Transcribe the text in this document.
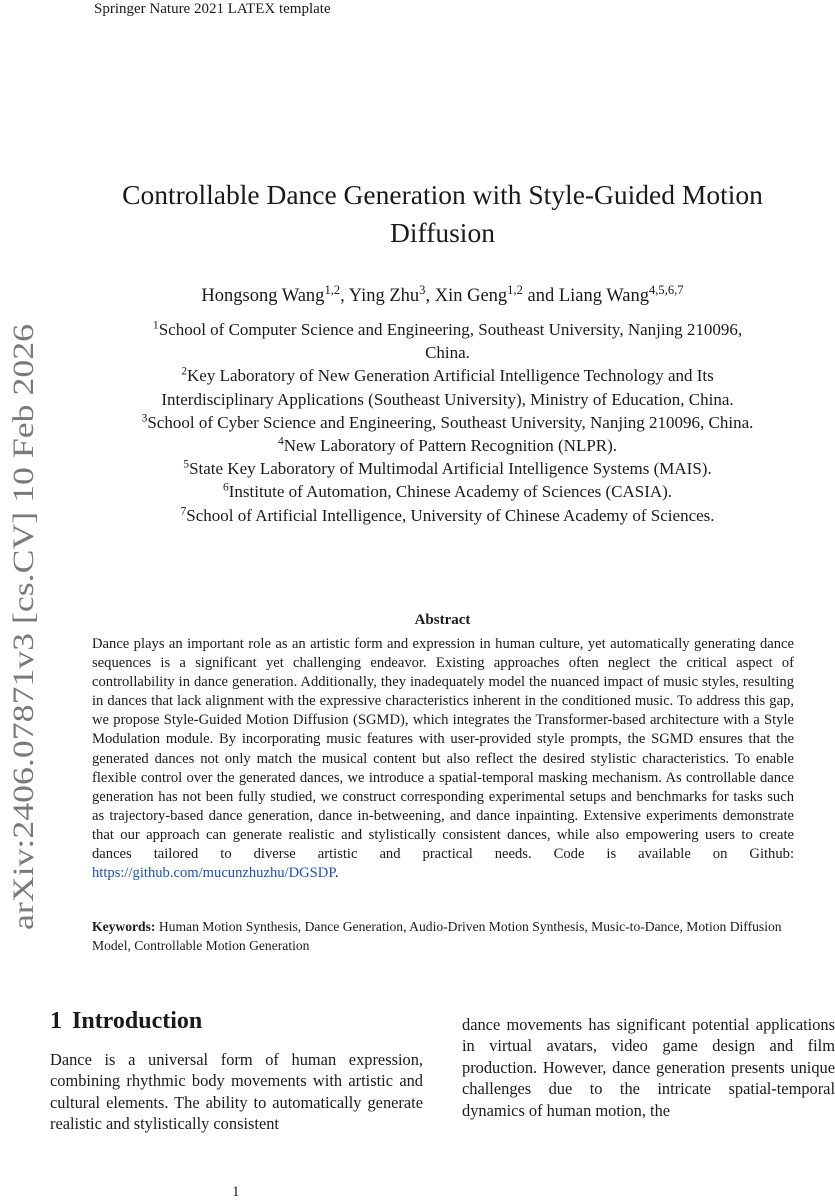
Springer Nature 2021 LATEX template
arXiv:2406.07871v3 [cs.CV] 10 Feb 2026
Controllable Dance Generation with Style-Guided Motion
Diffusion
Hongsong Wang$^{1,2}$, Ying Zhu$^3$, Xin Geng$^{1,2}$ and Liang Wang$^{4,5,6,7}$
$^1$School of Computer Science and Engineering, Southeast University, Nanjing 210096,
China.
$^2$Key Laboratory of New Generation Artificial Intelligence Technology and Its
Interdisciplinary Applications (Southeast University), Ministry of Education, China.
$^3$School of Cyber Science and Engineering, Southeast University, Nanjing 210096, China.
$^4$New Laboratory of Pattern Recognition (NLPR).
$^5$State Key Laboratory of Multimodal Artificial Intelligence Systems (MAIS).
$^6$Institute of Automation, Chinese Academy of Sciences (CASIA).
$^7$School of Artificial Intelligence, University of Chinese Academy of Sciences.
Abstract

Dance plays an important role as an artistic form and expression in human culture, yet automatically generating dance sequences is a significant yet challenging endeavor. Existing approaches often neglect the critical aspect of controllability in dance generation. Additionally, they inadequately model the nuanced impact of music styles, resulting in dances that lack alignment with the expressive characteristics inherent in the conditioned music. To address this gap, we propose Style-Guided Motion Diffusion (SGMD), which integrates the Transformer-based architecture with a Style Modulation module. By incorporating music features with user-provided style prompts, the SGMD ensures that the generated dances not only match the musical content but also reflect the desired stylistic characteristics. To enable flexible control over the generated dances, we introduce a spatial-temporal masking mechanism. As controllable dance generation has not been fully studied, we construct corresponding experimental setups and benchmarks for tasks such as trajectory-based dance generation, dance in-betweening, and dance inpainting. Extensive experiments demonstrate that our approach can generate realistic and stylistically consistent dances, while also empowering users to create dances tailored to diverse artistic and practical needs. Code is available on Github: https://github.com/mucunzhuzhu/DGSDP.

Keywords: Human Motion Synthesis, Dance Generation, Audio-Driven Motion Synthesis, Music-to-Dance, Motion Diffusion Model, Controllable Motion Generation

1 Introduction

Dance is a universal form of human expression, combining rhythmic body movements with artistic and cultural elements. The ability to automatically generate realistic and stylistically consistent

dance movements has significant potential applications in virtual avatars, video game design and film production. However, dance generation presents unique challenges due to the intricate spatial-temporal dynamics of human motion, the

1
